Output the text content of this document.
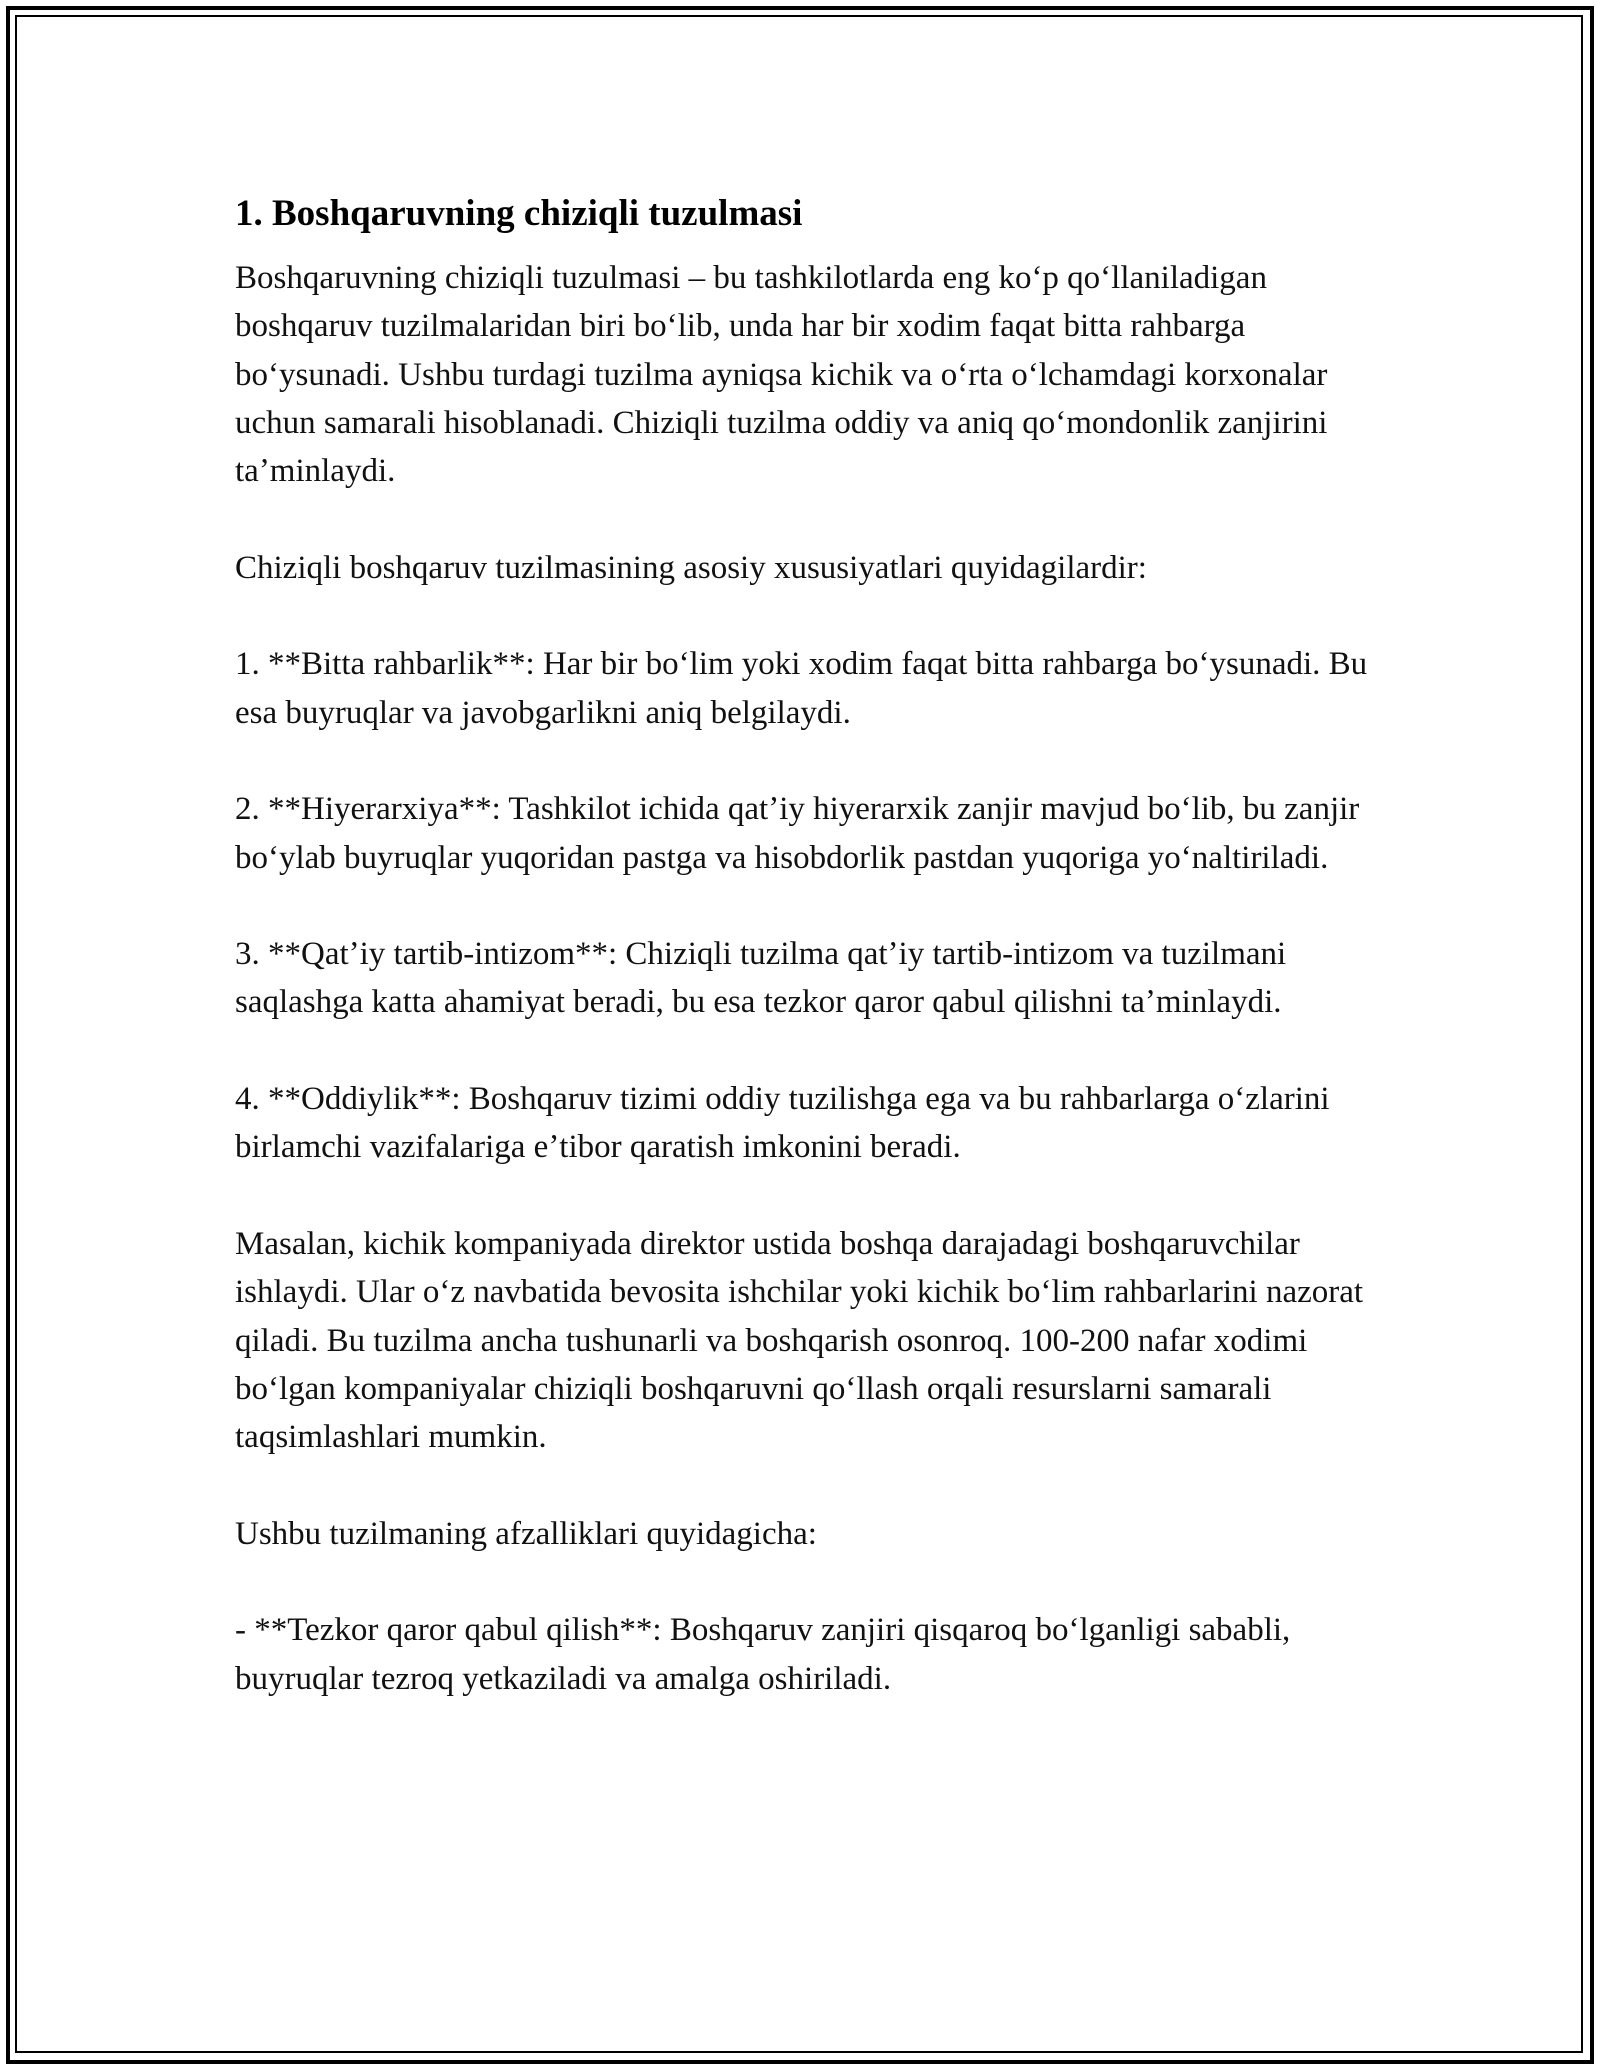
1. Boshqaruvning chiziqli tuzulmasi

Boshqaruvning chiziqli tuzulmasi – bu tashkilotlarda eng koʻp qoʻllaniladigan boshqaruv tuzilmalaridan biri boʻlib, unda har bir xodim faqat bitta rahbarga boʻysunadi. Ushbu turdagi tuzilma ayniqsa kichik va oʻrta oʻlchamdagi korxonalar uchun samarali hisoblanadi. Chiziqli tuzilma oddiy va aniq qoʻmondonlik zanjirini taʼminlaydi.

Chiziqli boshqaruv tuzilmasining asosiy xususiyatlari quyidagilardir:

1. **Bitta rahbarlik**: Har bir boʻlim yoki xodim faqat bitta rahbarga boʻysunadi. Bu esa buyruqlar va javobgarlikni aniq belgilaydi.

2. **Hiyerarxiya**: Tashkilot ichida qatʼiy hiyerarxik zanjir mavjud boʻlib, bu zanjir boʻylab buyruqlar yuqoridan pastga va hisobdorlik pastdan yuqoriga yoʻnaltiriladi.

3. **Qatʼiy tartib-intizom**: Chiziqli tuzilma qatʼiy tartib-intizom va tuzilmani saqlashga katta ahamiyat beradi, bu esa tezkor qaror qabul qilishni taʼminlaydi.

4. **Oddiylik**: Boshqaruv tizimi oddiy tuzilishga ega va bu rahbarlarga oʻzlarini birlamchi vazifalariga eʼtibor qaratish imkonini beradi.

Masalan, kichik kompaniyada direktor ustida boshqa darajadagi boshqaruvchilar ishlaydi. Ular oʻz navbatida bevosita ishchilar yoki kichik boʻlim rahbarlarini nazorat qiladi. Bu tuzilma ancha tushunarli va boshqarish osonroq. 100-200 nafar xodimi boʻlgan kompaniyalar chiziqli boshqaruvni qoʻllash orqali resurslarni samarali taqsimlashlari mumkin.

Ushbu tuzilmaning afzalliklari quyidagicha:

- **Tezkor qaror qabul qilish**: Boshqaruv zanjiri qisqaroq boʻlganligi sababli, buyruqlar tezroq yetkaziladi va amalga oshiriladi.
